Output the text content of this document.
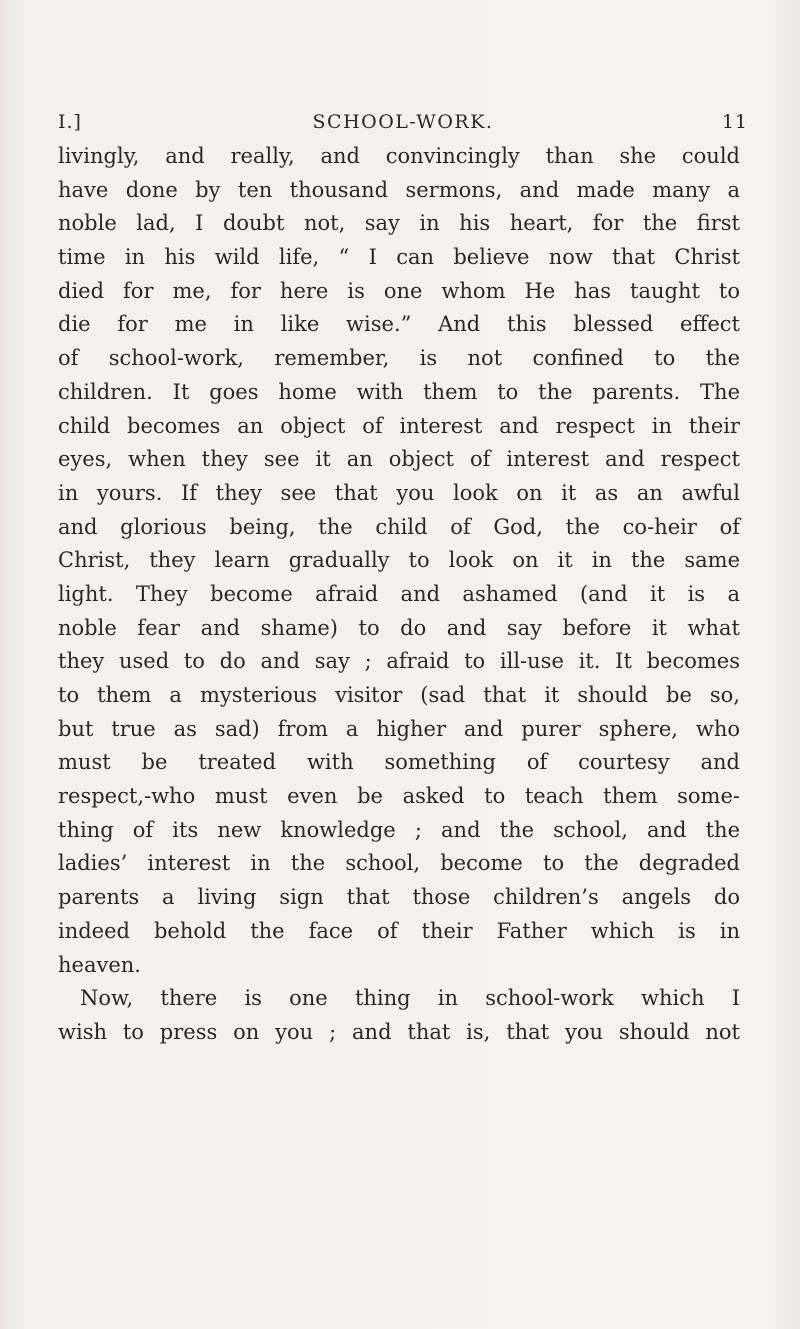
I.]	SCHOOL-WORK.	11
livingly, and really, and convincingly than she could
have done by ten thousand sermons, and made many a
noble lad, I doubt not, say in his heart, for the first
time in his wild life, “ I can believe now that Christ
died for me, for here is one whom He has taught to
die for me in like wise.” And this blessed effect
of school-work, remember, is not confined to the
children. It goes home with them to the parents. The
child becomes an object of interest and respect in their
eyes, when they see it an object of interest and respect
in yours. If they see that you look on it as an awful
and glorious being, the child of God, the co-heir of
Christ, they learn gradually to look on it in the same
light. They become afraid and ashamed (and it is a
noble fear and shame) to do and say before it what
they used to do and say ; afraid to ill-use it. It becomes
to them a mysterious visitor (sad that it should be so,
but true as sad) from a higher and purer sphere, who
must be treated with something of courtesy and
respect,-who must even be asked to teach them some-
thing of its new knowledge ; and the school, and the
ladies’ interest in the school, become to the degraded
parents a living sign that those children’s angels do
indeed behold the face of their Father which is in
heaven.
Now, there is one thing in school-work which I
wish to press on you ; and that is, that you should not
